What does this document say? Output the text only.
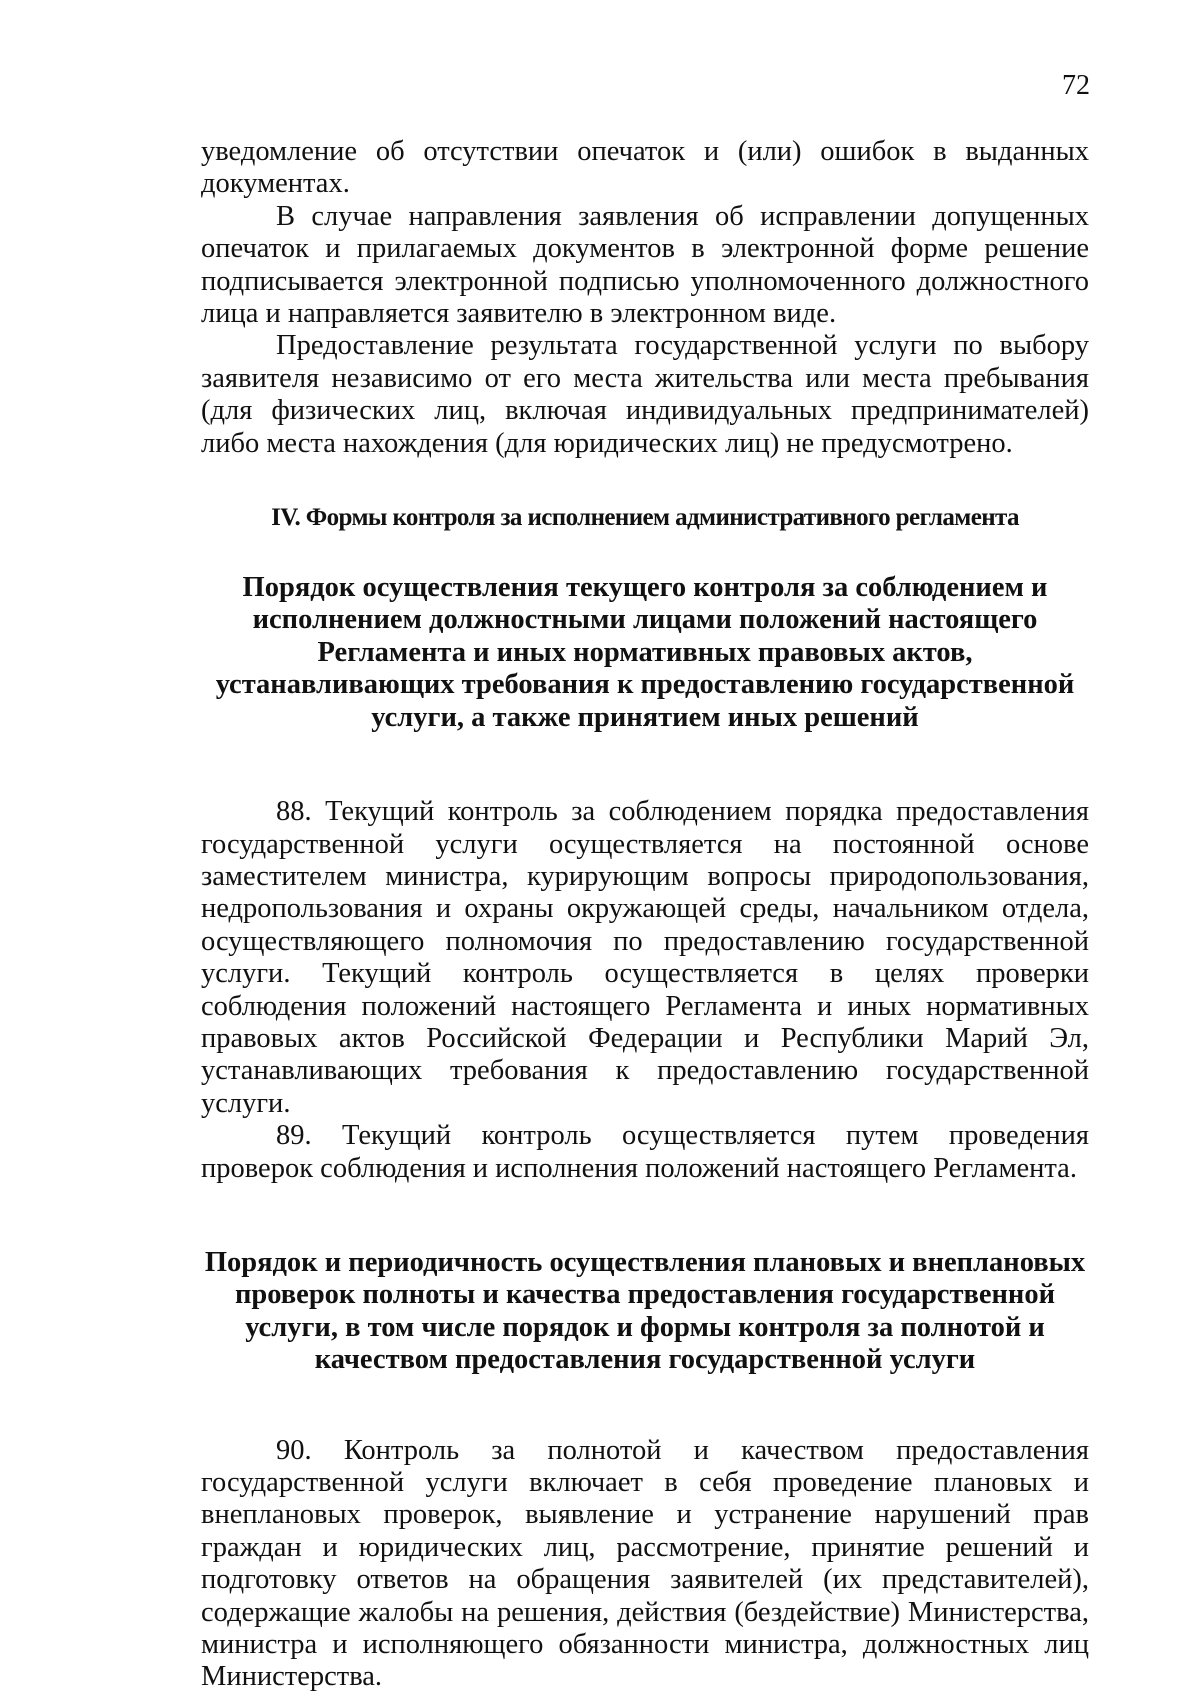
72

уведомление об отсутствии опечаток и (или) ошибок в выданных документах.

В случае направления заявления об исправлении допущенных опечаток и прилагаемых документов в электронной форме решение подписывается электронной подписью уполномоченного должностного лица и направляется заявителю в электронном виде.

Предоставление результата государственной услуги по выбору заявителя независимо от его места жительства или места пребывания (для физических лиц, включая индивидуальных предпринимателей) либо места нахождения (для юридических лиц) не предусмотрено.

IV. Формы контроля за исполнением административного регламента
Порядок осуществления текущего контроля за соблюдением и
исполнением должностными лицами положений настоящего
Регламента и иных нормативных правовых актов,
устанавливающих требования к предоставлению государственной
услуги, а также принятием иных решений

88. Текущий контроль за соблюдением порядка предоставления государственной услуги осуществляется на постоянной основе заместителем министра, курирующим вопросы природопользования, недропользования и охраны окружающей среды, начальником отдела, осуществляющего полномочия по предоставлению государственной услуги. Текущий контроль осуществляется в целях проверки соблюдения положений настоящего Регламента и иных нормативных правовых актов Российской Федерации и Республики Марий Эл, устанавливающих требования к предоставлению государственной услуги.

89. Текущий контроль осуществляется путем проведения проверок соблюдения и исполнения положений настоящего Регламента.

Порядок и периодичность осуществления плановых и внеплановых
проверок полноты и качества предоставления государственной
услуги, в том числе порядок и формы контроля за полнотой и
качеством предоставления государственной услуги

90. Контроль за полнотой и качеством предоставления государственной услуги включает в себя проведение плановых и внеплановых проверок, выявление и устранение нарушений прав граждан и юридических лиц, рассмотрение, принятие решений и подготовку ответов на обращения заявителей (их представителей), содержащие жалобы на решения, действия (бездействие) Министерства, министра и исполняющего обязанности министра, должностных лиц Министерства.
